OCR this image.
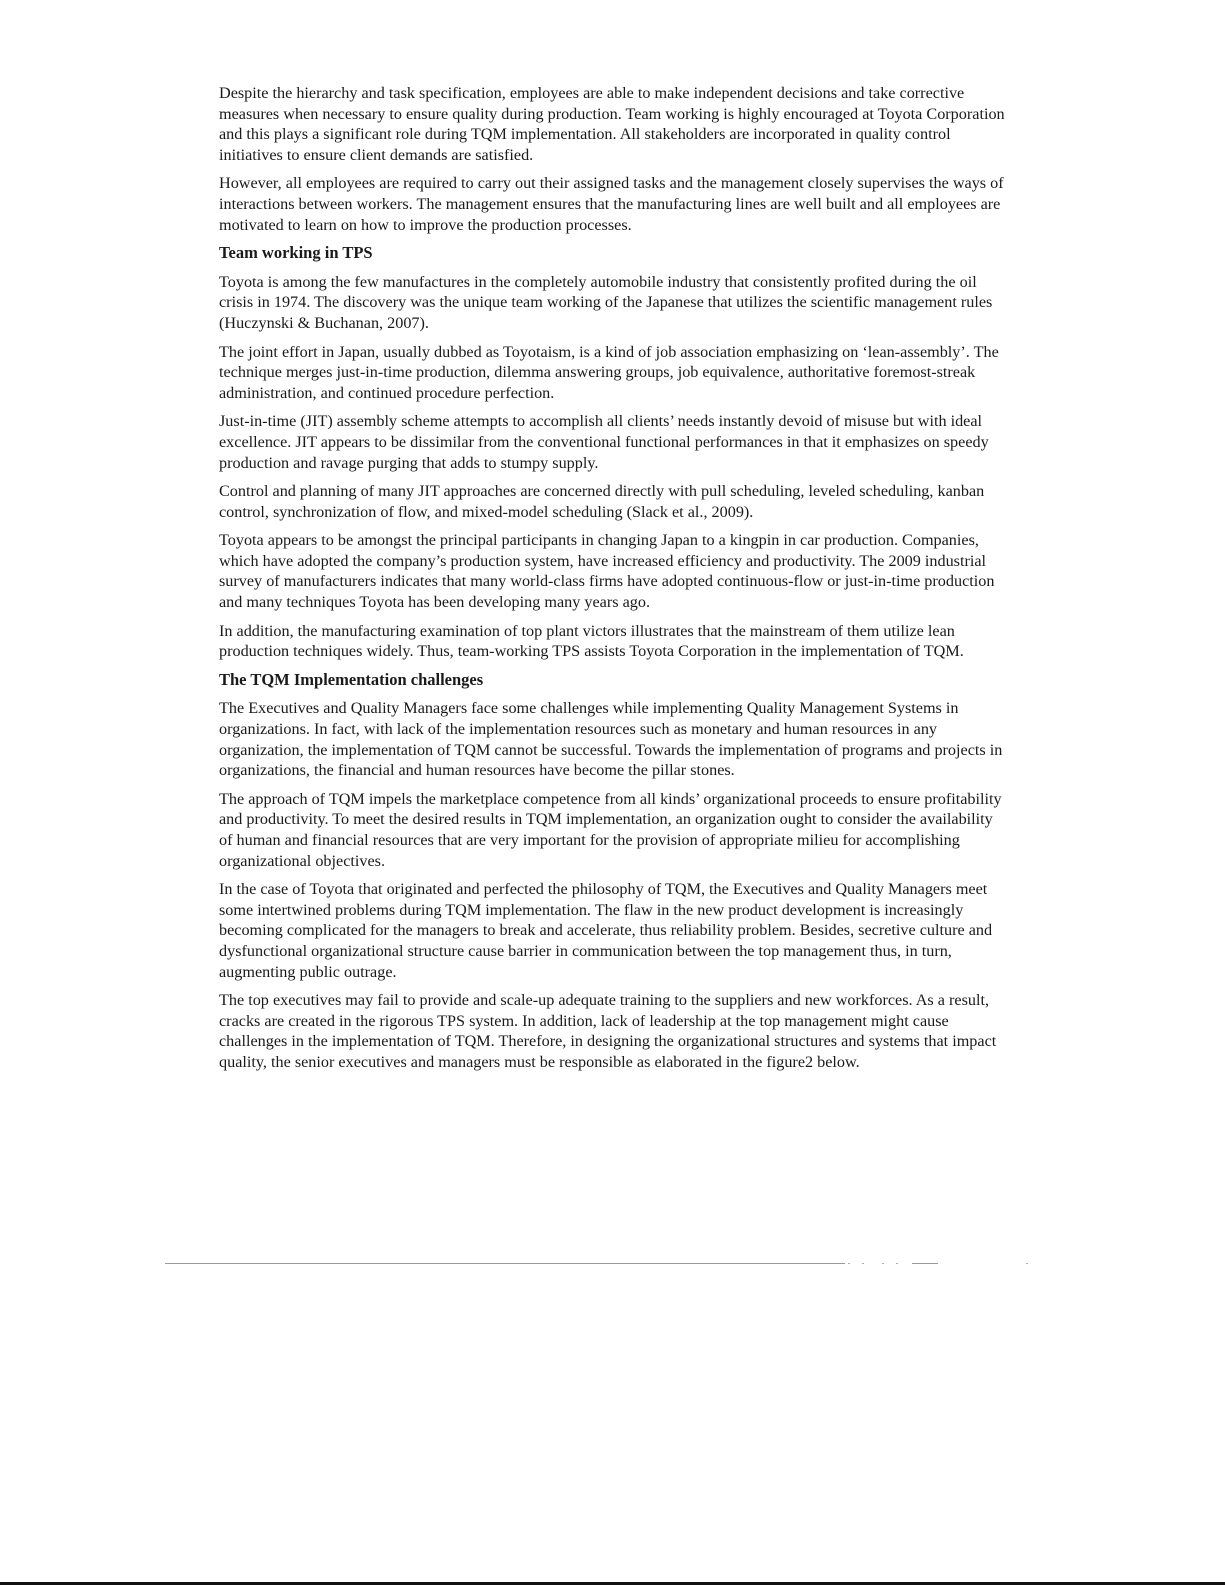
Despite the hierarchy and task specification, employees are able to make independent decisions and take corrective measures when necessary to ensure quality during production. Team working is highly encouraged at Toyota Corporation and this plays a significant role during TQM implementation. All stakeholders are incorporated in quality control initiatives to ensure client demands are satisfied.

However, all employees are required to carry out their assigned tasks and the management closely supervises the ways of interactions between workers. The management ensures that the manufacturing lines are well built and all employees are motivated to learn on how to improve the production processes.

Team working in TPS

Toyota is among the few manufactures in the completely automobile industry that consistently profited during the oil crisis in 1974. The discovery was the unique team working of the Japanese that utilizes the scientific management rules (Huczynski & Buchanan, 2007).

The joint effort in Japan, usually dubbed as Toyotaism, is a kind of job association emphasizing on ‘lean-assembly’. The technique merges just-in-time production, dilemma answering groups, job equivalence, authoritative foremost-streak administration, and continued procedure perfection.

Just-in-time (JIT) assembly scheme attempts to accomplish all clients’ needs instantly devoid of misuse but with ideal excellence. JIT appears to be dissimilar from the conventional functional performances in that it emphasizes on speedy production and ravage purging that adds to stumpy supply.

Control and planning of many JIT approaches are concerned directly with pull scheduling, leveled scheduling, kanban control, synchronization of flow, and mixed-model scheduling (Slack et al., 2009).

Toyota appears to be amongst the principal participants in changing Japan to a kingpin in car production. Companies, which have adopted the company’s production system, have increased efficiency and productivity. The 2009 industrial survey of manufacturers indicates that many world-class firms have adopted continuous-flow or just-in-time production and many techniques Toyota has been developing many years ago.

In addition, the manufacturing examination of top plant victors illustrates that the mainstream of them utilize lean production techniques widely. Thus, team-working TPS assists Toyota Corporation in the implementation of TQM.

The TQM Implementation challenges

The Executives and Quality Managers face some challenges while implementing Quality Management Systems in organizations. In fact, with lack of the implementation resources such as monetary and human resources in any organization, the implementation of TQM cannot be successful. Towards the implementation of programs and projects in organizations, the financial and human resources have become the pillar stones.

The approach of TQM impels the marketplace competence from all kinds’ organizational proceeds to ensure profitability and productivity. To meet the desired results in TQM implementation, an organization ought to consider the availability of human and financial resources that are very important for the provision of appropriate milieu for accomplishing organizational objectives.

In the case of Toyota that originated and perfected the philosophy of TQM, the Executives and Quality Managers meet some intertwined problems during TQM implementation. The flaw in the new product development is increasingly becoming complicated for the managers to break and accelerate, thus reliability problem. Besides, secretive culture and dysfunctional organizational structure cause barrier in communication between the top management thus, in turn, augmenting public outrage.

The top executives may fail to provide and scale-up adequate training to the suppliers and new workforces. As a result, cracks are created in the rigorous TPS system. In addition, lack of leadership at the top management might cause challenges in the implementation of TQM. Therefore, in designing the organizational structures and systems that impact quality, the senior executives and managers must be responsible as elaborated in the figure2 below.
